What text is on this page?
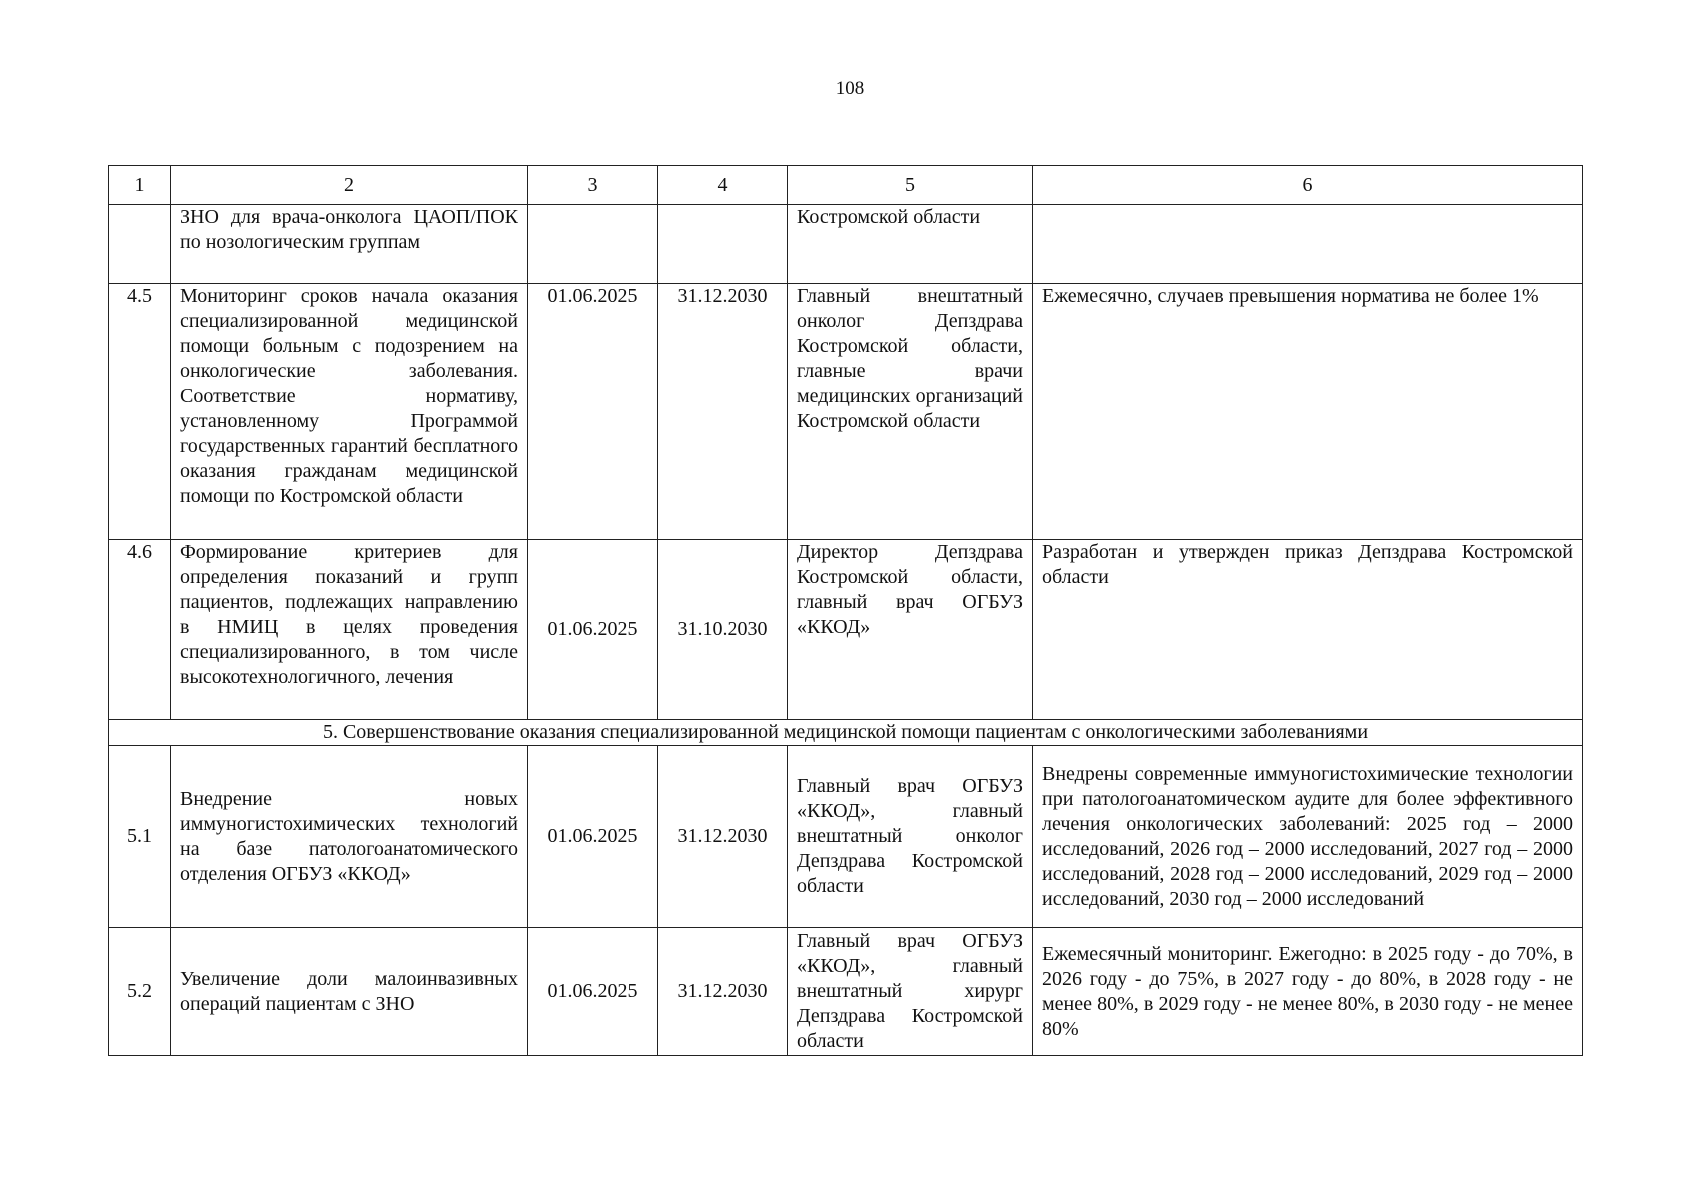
108
1	2	3	4	5	6
	ЗНО для врача-онколога ЦАОП/ПОК по нозологическим группам			Костромской области	
4.5	Мониторинг сроков начала оказания специализированной медицинской помощи больным с подозрением на онкологические заболевания. Соответствие нормативу, установленному Программой государственных гарантий бесплатного оказания гражданам медицинской помощи по Костромской области	01.06.2025	31.12.2030	Главный внештатный онколог Депздрава Костромской области, главные врачи медицинских организаций Костромской области	Ежемесячно, случаев превышения норматива не более 1%
4.6	Формирование критериев для определения показаний и групп пациентов, подлежащих направлению в НМИЦ в целях проведения специализированного, в том числе высокотехнологичного, лечения	01.06.2025	31.10.2030	Директор Депздрава Костромской области, главный врач ОГБУЗ «ККОД»	Разработан и утвержден приказ Депздрава Костромской области
5. Совершенствование оказания специализированной медицинской помощи пациентам с онкологическими заболеваниями					
5.1	Внедрение новых иммуногистохимических технологий на базе патологоанатомического отделения ОГБУЗ «ККОД»	01.06.2025	31.12.2030	Главный врач ОГБУЗ «ККОД», главный внештатный онколог Депздрава Костромской области	Внедрены современные иммуногистохимические технологии при патологоанатомическом аудите для более эффективного лечения онкологических заболеваний: 2025 год – 2000 исследований, 2026 год – 2000 исследований, 2027 год – 2000 исследований, 2028 год – 2000 исследований, 2029 год – 2000 исследований, 2030 год – 2000 исследований
5.2	Увеличение доли малоинвазивных операций пациентам с ЗНО	01.06.2025	31.12.2030	Главный врач ОГБУЗ «ККОД», главный внештатный хирург Депздрава Костромской области	Ежемесячный мониторинг. Ежегодно: в 2025 году - до 70%, в 2026 году - до 75%, в 2027 году - до 80%, в 2028 году - не менее 80%, в 2029 году - не менее 80%, в 2030 году - не менее 80%
